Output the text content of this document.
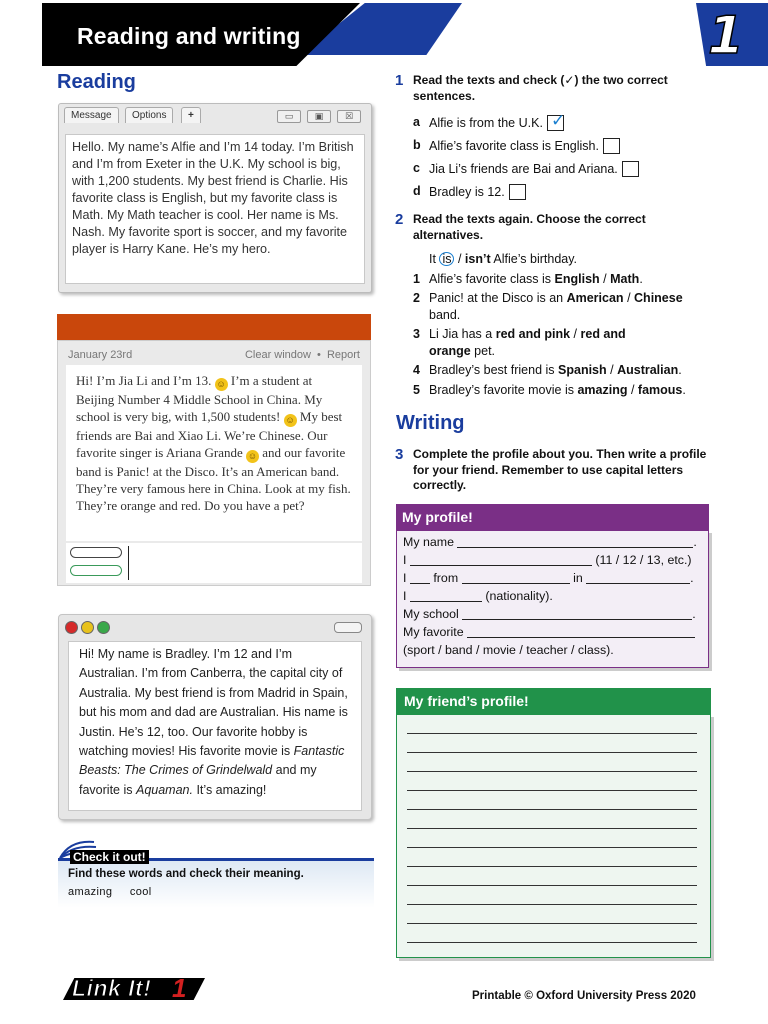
Reading and writing	1
Reading
Message	Options	+	▭	▣	☒
Hello. My name’s Alfie and I’m 14 today. I’m British and I’m from Exeter in the U.K. My school is big, with 1,200 students. My best friend is Charlie. His favorite class is English, but my favorite class is Math. My Math teacher is cool. Her name is Ms. Nash. My favorite sport is soccer, and my favorite player is Harry Kane. He’s my hero.
January 23rd	Clear window • Report
Hi! I’m Jia Li and I’m 13. ☺ I’m a student at Beijing Number 4 Middle School in China. My school is very big, with 1,500 students! ☺ My best friends are Bai and Xiao Li. We’re Chinese. Our favorite singer is Ariana Grande ☺ and our favorite band is Panic! at the Disco. It’s an American band. They’re very famous here in China. Look at my fish. They’re orange and red. Do you have a pet?
Hi! My name is Bradley. I’m 12 and I’m Australian. I’m from Canberra, the capital city of Australia. My best friend is from Madrid in Spain, but his mom and dad are Australian. His name is Justin. He’s 12, too. Our favorite hobby is watching movies! His favorite movie is Fantastic Beasts: The Crimes of Grindelwald and my favorite is Aquaman. It’s amazing!
Check it out!
Find these words and check their meaning.
amazing cool
1 Read the texts and check (✓) the two correct sentences.
a Alfie is from the U.K. ✓
b Alfie’s favorite class is English.
c Jia Li’s friends are Bai and Ariana.
d Bradley is 12.
2 Read the texts again. Choose the correct alternatives.
It is / isn’t Alfie’s birthday.
1 Alfie’s favorite class is English / Math.
2 Panic! at the Disco is an American / Chinese band.
3 Li Jia has a red and pink / red and orange pet.
4 Bradley’s best friend is Spanish / Australian.
5 Bradley’s favorite movie is amazing / famous.
Writing
3 Complete the profile about you. Then write a profile for your friend. Remember to use capital letters correctly.
My profile!
My name	.
I	(11 / 12 / 13, etc.)
I from	in	.
I	(nationality).
My school	.
My favorite
(sport / band / movie / teacher / class).
My friend’s profile!
Link It! 1	Printable © Oxford University Press 2020
